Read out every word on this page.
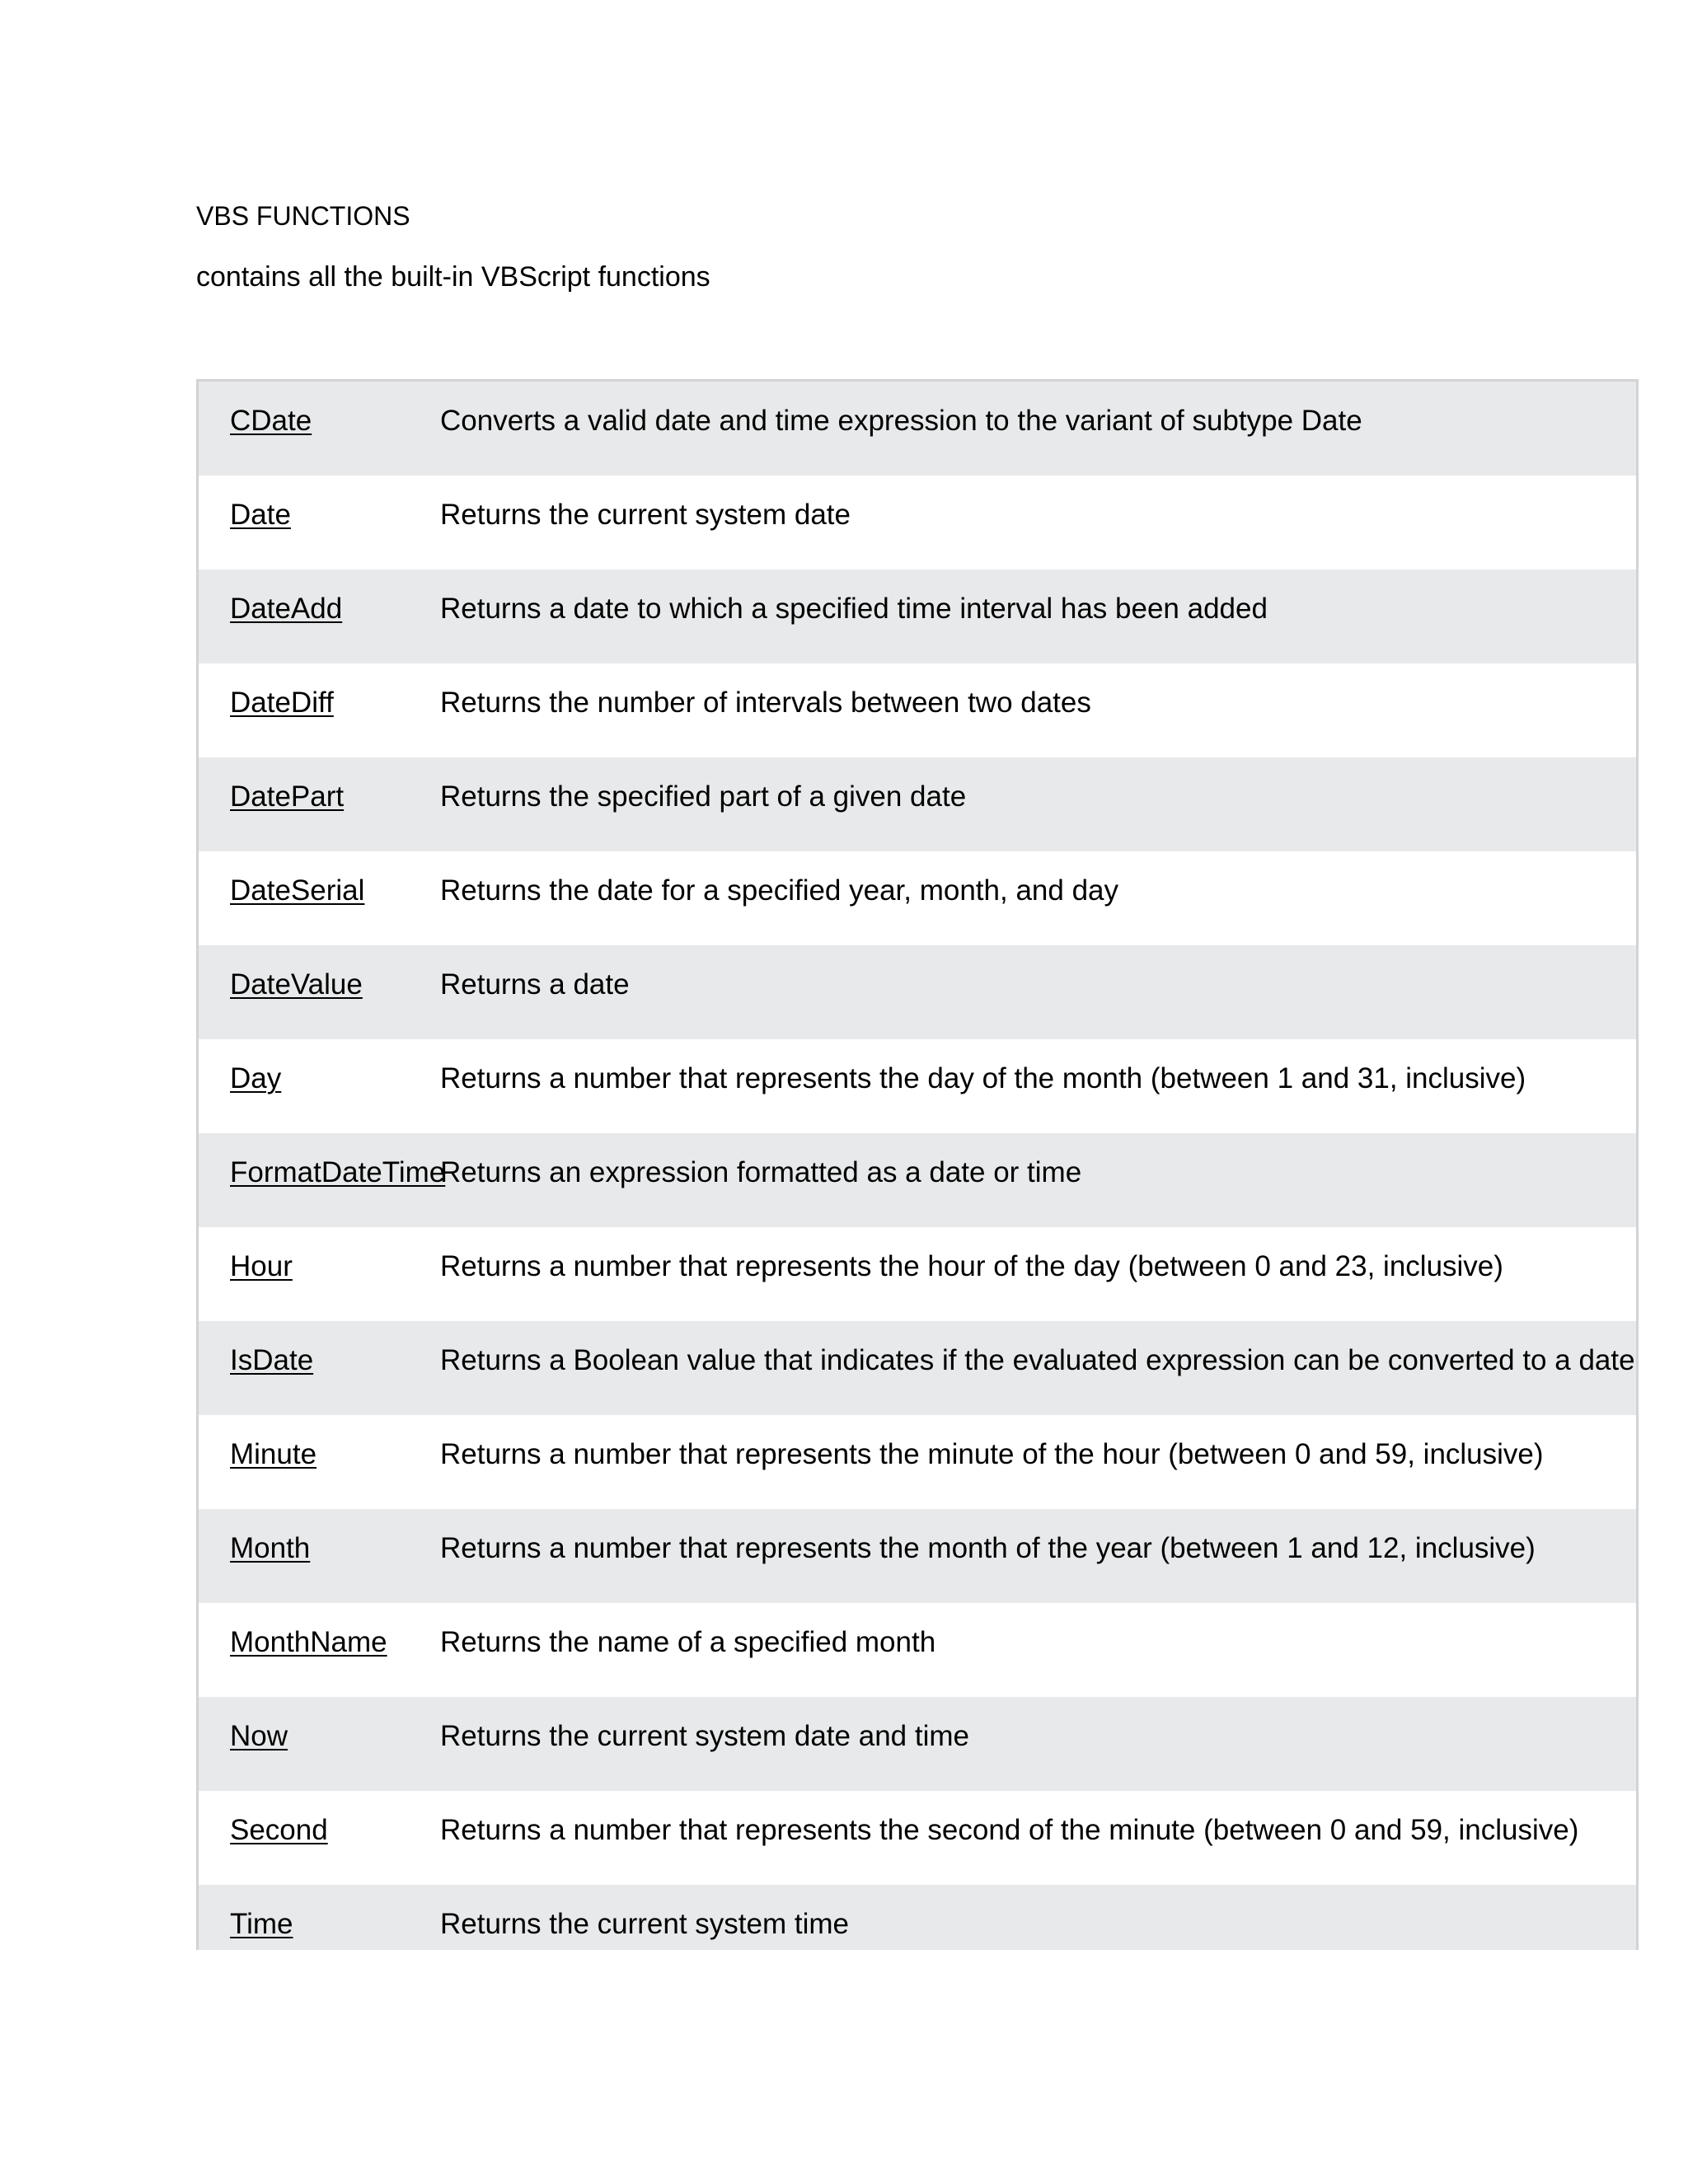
VBS FUNCTIONS

contains all the built-in VBScript functions

CDate	Converts a valid date and time expression to the variant of subtype Date
Date	Returns the current system date
DateAdd	Returns a date to which a specified time interval has been added
DateDiff	Returns the number of intervals between two dates
DatePart	Returns the specified part of a given date
DateSerial	Returns the date for a specified year, month, and day
DateValue	Returns a date
Day	Returns a number that represents the day of the month (between 1 and 31, inclusive)
FormatDateTime	Returns an expression formatted as a date or time
Hour	Returns a number that represents the hour of the day (between 0 and 23, inclusive)
IsDate	Returns a Boolean value that indicates if the evaluated expression can be converted to a date
Minute	Returns a number that represents the minute of the hour (between 0 and 59, inclusive)
Month	Returns a number that represents the month of the year (between 1 and 12, inclusive)
MonthName	Returns the name of a specified month
Now	Returns the current system date and time
Second	Returns a number that represents the second of the minute (between 0 and 59, inclusive)
Time	Returns the current system time
